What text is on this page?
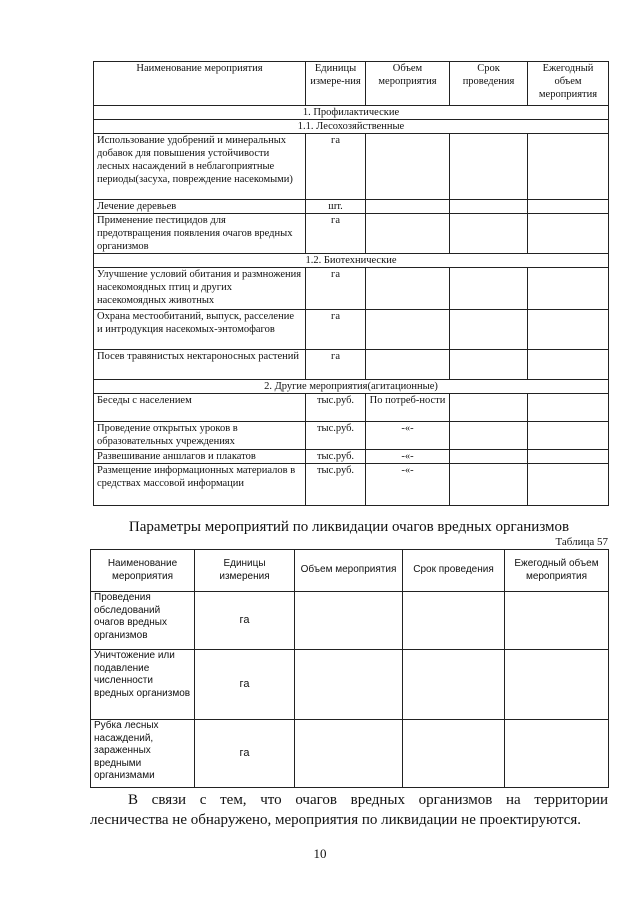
Наименование мероприятия	Единицы измере-ния	Объем мероприятия	Срок проведения	Ежегодный объем мероприятия
1. Профилактические				
1.1. Лесохозяйственные				
Использование удобрений и минеральных добавок для повышения устойчивости лесных насаждений в неблагоприятные периоды(засуха, повреждение насекомыми)	га			
Лечение деревьев	шт.			
Применение пестицидов для предотвращения появления очагов вредных организмов	га			
1.2. Биотехнические				
Улучшение условий обитания и размножения насекомоядных птиц и других насекомоядных животных	га			
Охрана местообитаний, выпуск, расселение и интродукция насекомых-энтомофагов	га			
Посев травянистых нектароносных растений	га			
2. Другие мероприятия(агитационные)				
Беседы с населением	тыс.руб.	По потреб-ности		
Проведение открытых уроков в образовательных учреждениях	тыс.руб.	-«-		
Развешивание аншлагов и плакатов	тыс.руб.	-«-		
Размещение информационных материалов в средствах массовой информации	тыс.руб.	-«-		
Параметры мероприятий по ликвидации очагов вредных организмов
Таблица 57
Наименование мероприятия	Единицы измерения	Объем мероприятия	Срок проведения	Ежегодный объем мероприятия
Проведения обследований очагов вредных организмов	га			
Уничтожение или подавление численности вредных организмов	га			
Рубка лесных насаждений, зараженных вредными организмами	га			
В связи с тем, что очагов вредных организмов на территории
лесничества не обнаружено, мероприятия по ликвидации не проектируются.
10
